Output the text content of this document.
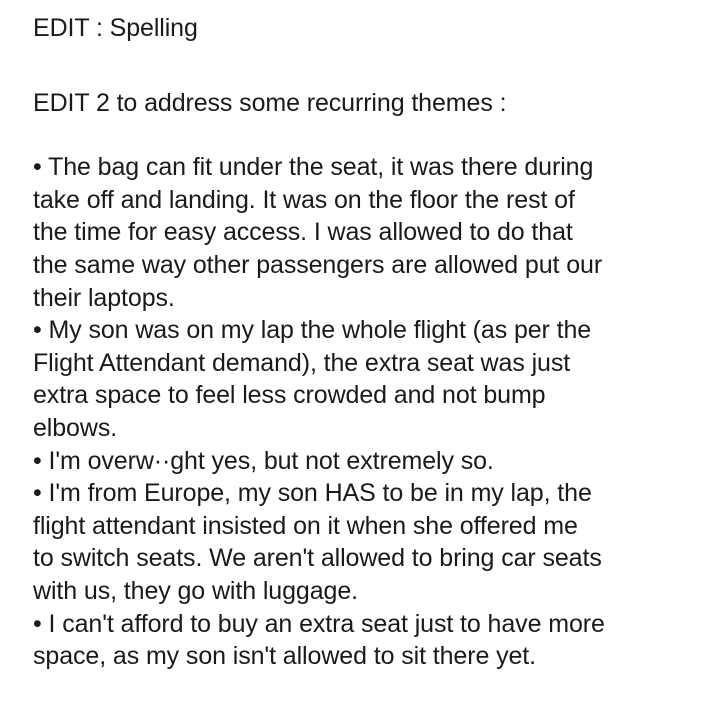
EDIT : Spelling
EDIT 2 to address some recurring themes :
• The bag can fit under the seat, it was there during
take off and landing. It was on the floor the rest of
the time for easy access. I was allowed to do that
the same way other passengers are allowed put our
their laptops.
• My son was on my lap the whole flight (as per the
Flight Attendant demand), the extra seat was just
extra space to feel less crowded and not bump
elbows.
• I'm overw··ght yes, but not extremely so.
• I'm from Europe, my son HAS to be in my lap, the
flight attendant insisted on it when she offered me
to switch seats. We aren't allowed to bring car seats
with us, they go with luggage.
• I can't afford to buy an extra seat just to have more
space, as my son isn't allowed to sit there yet.
